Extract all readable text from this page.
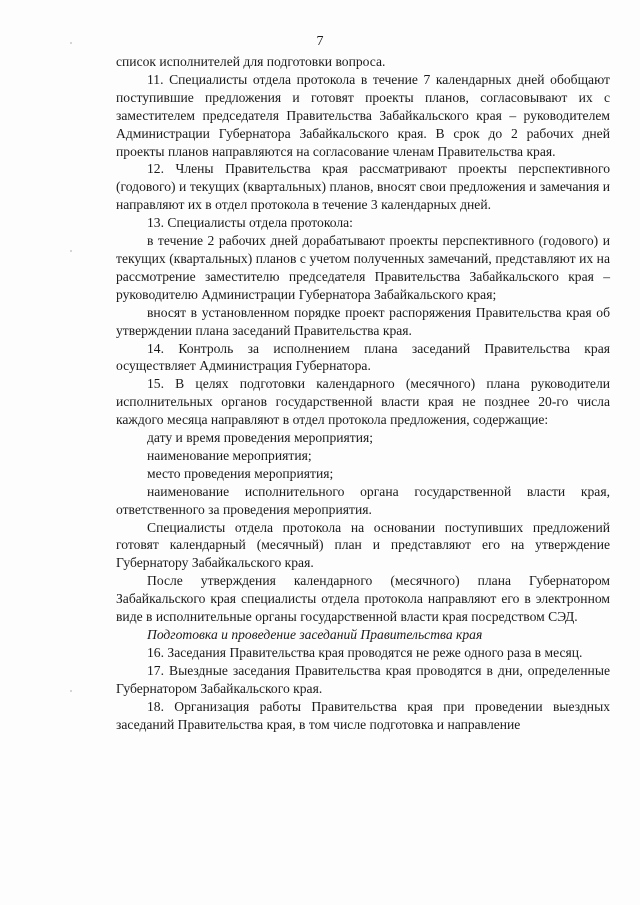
7

список исполнителей для подготовки вопроса.

11. Специалисты отдела протокола в течение 7 календарных дней обобщают поступившие предложения и готовят проекты планов, согласовывают их с заместителем председателя Правительства Забайкальского края – руководителем Администрации Губернатора Забайкальского края. В срок до 2 рабочих дней проекты планов направляются на согласование членам Правительства края.

12. Члены Правительства края рассматривают проекты перспективного (годового) и текущих (квартальных) планов, вносят свои предложения и замечания и направляют их в отдел протокола в течение 3 календарных дней.

13. Специалисты отдела протокола:

в течение 2 рабочих дней дорабатывают проекты перспективного (годового) и текущих (квартальных) планов с учетом полученных замечаний, представляют их на рассмотрение заместителю председателя Правительства Забайкальского края – руководителю Администрации Губернатора Забайкальского края;

вносят в установленном порядке проект распоряжения Правительства края об утверждении плана заседаний Правительства края.

14. Контроль за исполнением плана заседаний Правительства края осуществляет Администрация Губернатора.

15. В целях подготовки календарного (месячного) плана руководители исполнительных органов государственной власти края не позднее 20-го числа каждого месяца направляют в отдел протокола предложения, содержащие:

дату и время проведения мероприятия;

наименование мероприятия;

место проведения мероприятия;

наименование исполнительного органа государственной власти края, ответственного за проведения мероприятия.

Специалисты отдела протокола на основании поступивших предложений готовят календарный (месячный) план и представляют его на утверждение Губернатору Забайкальского края.

После утверждения календарного (месячного) плана Губернатором Забайкальского края специалисты отдела протокола направляют его в электронном виде в исполнительные органы государственной власти края посредством СЭД.

Подготовка и проведение заседаний Правительства края

16. Заседания Правительства края проводятся не реже одного раза в месяц.

17. Выездные заседания Правительства края проводятся в дни, определенные Губернатором Забайкальского края.

18. Организация работы Правительства края при проведении выездных заседаний Правительства края, в том числе подготовка и направление
